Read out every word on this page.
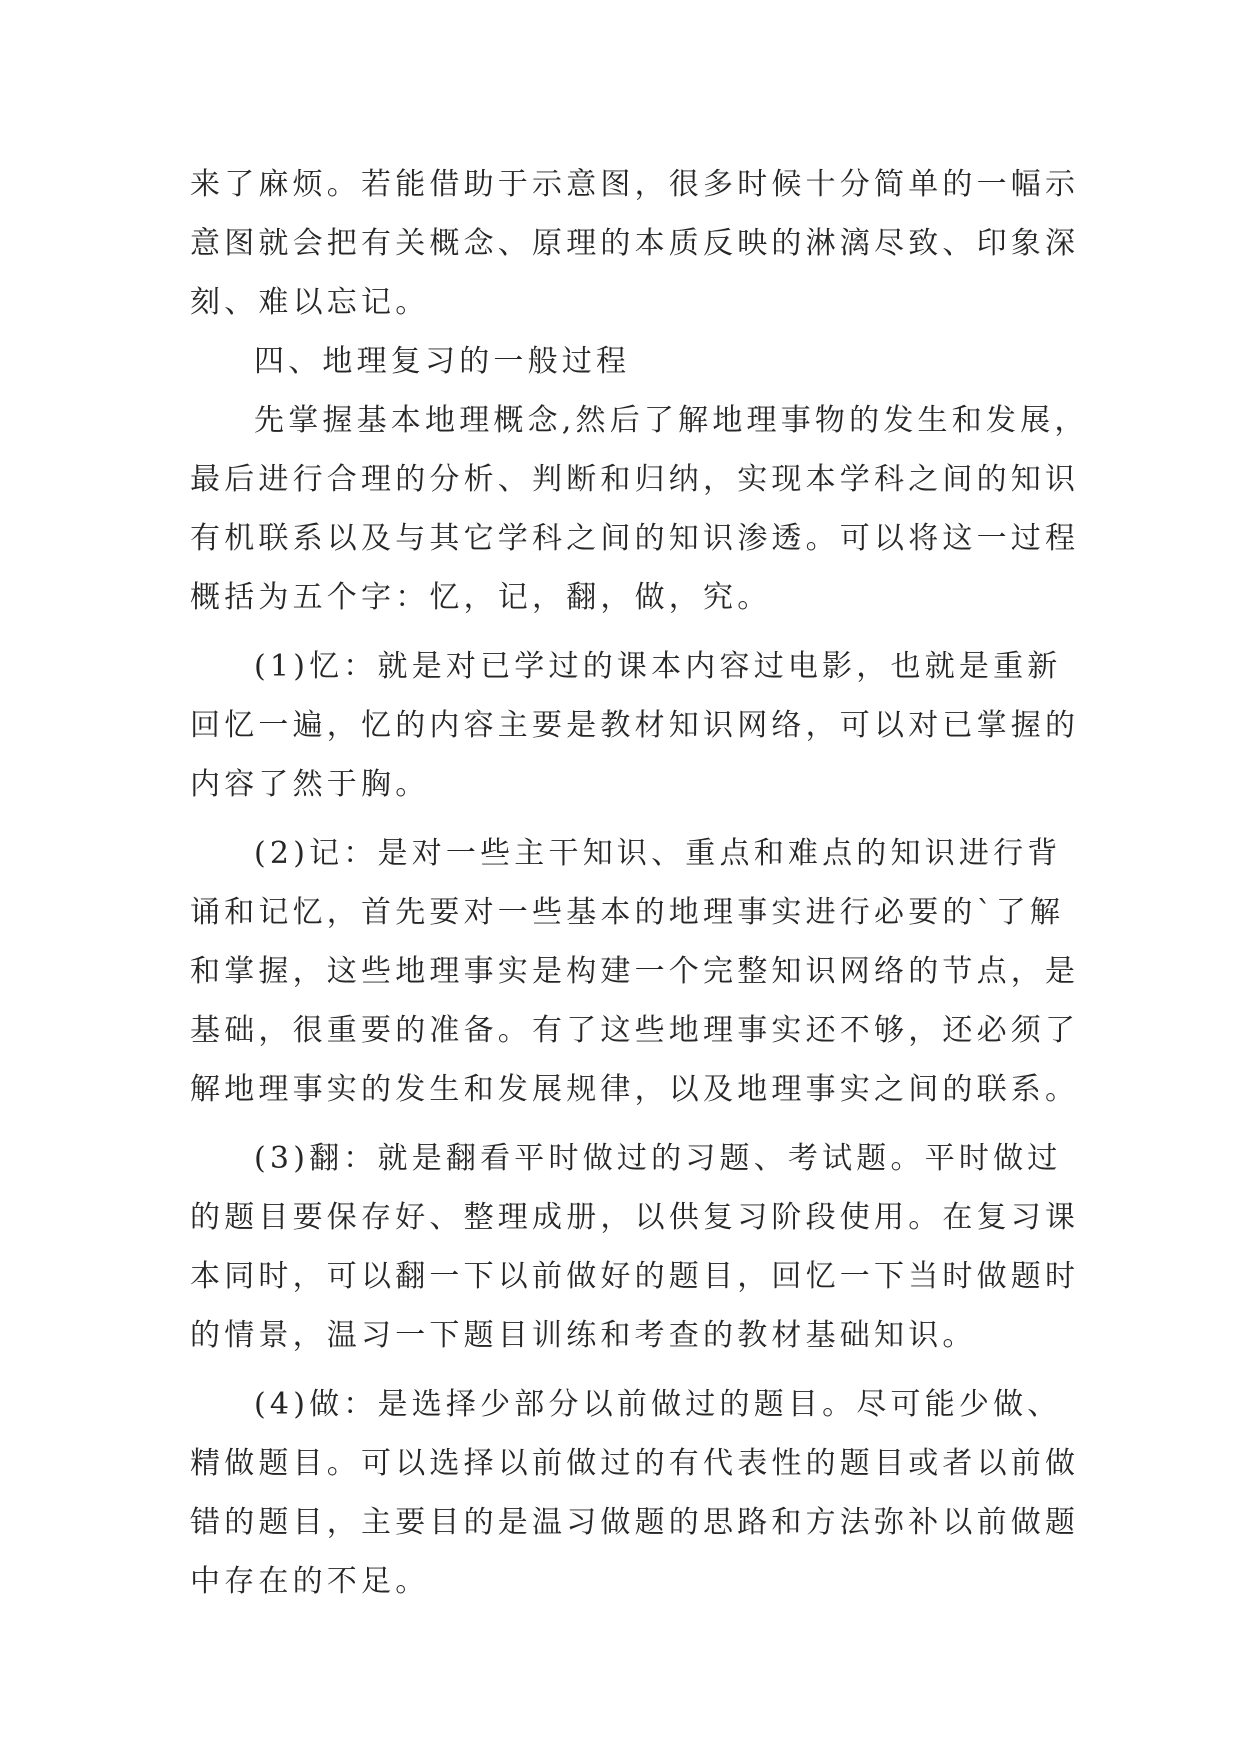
来了麻烦。若能借助于示意图，很多时候十分简单的一幅示
意图就会把有关概念、原理的本质反映的淋漓尽致、印象深
刻、难以忘记。
四、地理复习的一般过程
先掌握基本地理概念,然后了解地理事物的发生和发展，
最后进行合理的分析、判断和归纳，实现本学科之间的知识
有机联系以及与其它学科之间的知识渗透。可以将这一过程
概括为五个字：忆，记，翻，做，究。
(1)忆：就是对已学过的课本内容过电影，也就是重新
回忆一遍，忆的内容主要是教材知识网络，可以对已掌握的
内容了然于胸。
(2)记：是对一些主干知识、重点和难点的知识进行背
诵和记忆，首先要对一些基本的地理事实进行必要的`了解
和掌握，这些地理事实是构建一个完整知识网络的节点，是
基础，很重要的准备。有了这些地理事实还不够，还必须了
解地理事实的发生和发展规律，以及地理事实之间的联系。
(3)翻：就是翻看平时做过的习题、考试题。平时做过
的题目要保存好、整理成册，以供复习阶段使用。在复习课
本同时，可以翻一下以前做好的题目，回忆一下当时做题时
的情景，温习一下题目训练和考查的教材基础知识。
(4)做：是选择少部分以前做过的题目。尽可能少做、
精做题目。可以选择以前做过的有代表性的题目或者以前做
错的题目，主要目的是温习做题的思路和方法弥补以前做题
中存在的不足。
